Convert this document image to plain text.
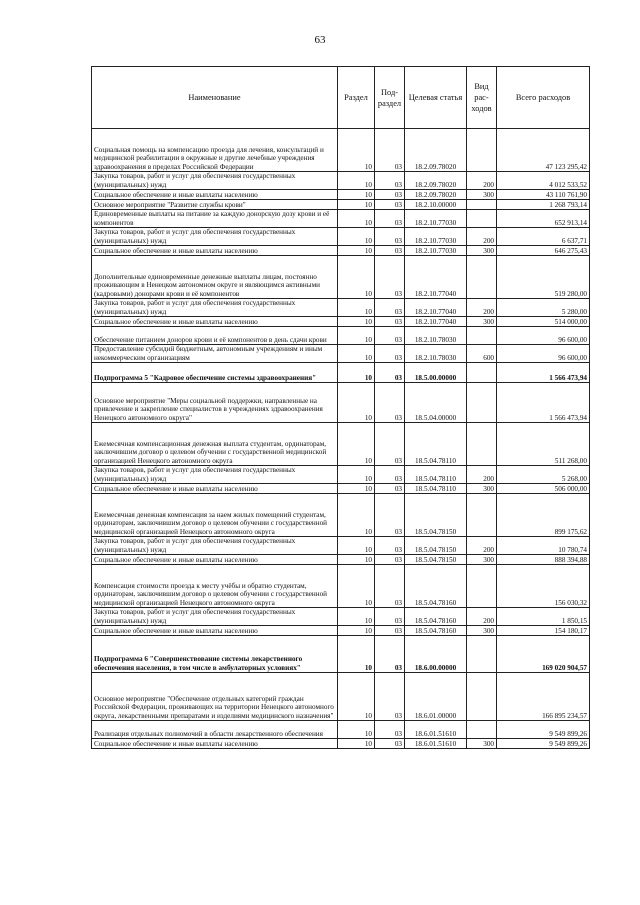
63
Наименование	Раздел	Под-раздел	Целевая статья	Вид рас-ходов	Всего расходов
Социальная помощь на компенсацию проезда для лечения, консультаций и медицинской реабилитации в окружные и другие лечебные учреждения здравоохранения в пределах Российской Федерации	10	03	18.2.09.78020		47 123 295,42
Закупка товаров, работ и услуг для обеспечения государственных (муниципальных) нужд	10	03	18.2.09.78020	200	4 012 533,52
Социальное обеспечение и иные выплаты населению	10	03	18.2.09.78020	300	43 110 761,90
Основное мероприятие "Развитие службы крови"	10	03	18.2.10.00000		1 268 793,14
Единовременные выплаты на питание за каждую донорскую дозу крови и её компонентов	10	03	18.2.10.77030		652 913,14
Закупка товаров, работ и услуг для обеспечения государственных (муниципальных) нужд	10	03	18.2.10.77030	200	6 637,71
Социальное обеспечение и иные выплаты населению	10	03	18.2.10.77030	300	646 275,43
Дополнительные единовременные денежные выплаты лицам, постоянно проживающим в Ненецком автономном округе и являющимся активными (кадровыми) донорами крови и её компонентов	10	03	18.2.10.77040		519 280,00
Закупка товаров, работ и услуг для обеспечения государственных (муниципальных) нужд	10	03	18.2.10.77040	200	5 280,00
Социальное обеспечение и иные выплаты населению	10	03	18.2.10.77040	300	514 000,00
Обеспечение питанием доноров крови и её компонентов в день сдачи крови	10	03	18.2.10.78030		96 600,00
Предоставление субсидий бюджетным, автономным учреждениям и иным некоммерческим организациям	10	03	18.2.10.78030	600	96 600,00
Подпрограмма 5 "Кадровое обеспечение системы здравоохранения"	10	03	18.5.00.00000		1 566 473,94
Основное мероприятие "Меры социальной поддержки, направленные на привлечение и закрепление специалистов в учреждениях здравоохранения Ненецкого автономного округа"	10	03	18.5.04.00000		1 566 473,94
Ежемесячная компенсационная денежная выплата студентам, ординаторам, заключившим договор о целевом обучении с государственной медицинской организацией Ненецкого автономного округа	10	03	18.5.04.78110		511 268,00
Закупка товаров, работ и услуг для обеспечения государственных (муниципальных) нужд	10	03	18.5.04.78110	200	5 268,00
Социальное обеспечение и иные выплаты населению	10	03	18.5.04.78110	300	506 000,00
Ежемесячная денежная компенсация за наем жилых помещений студентам, ординаторам, заключившим договор о целевом обучении с государственной медицинской организацией Ненецкого автономного округа	10	03	18.5.04.78150		899 175,62
Закупка товаров, работ и услуг для обеспечения государственных (муниципальных) нужд	10	03	18.5.04.78150	200	10 780,74
Социальное обеспечение и иные выплаты населению	10	03	18.5.04.78150	300	888 394,88
Компенсация стоимости проезда к месту учёбы и обратно студентам, ординаторам, заключившим договор о целевом обучении с государственной медицинской организацией Ненецкого автономного округа	10	03	18.5.04.78160		156 030,32
Закупка товаров, работ и услуг для обеспечения государственных (муниципальных) нужд	10	03	18.5.04.78160	200	1 850,15
Социальное обеспечение и иные выплаты населению	10	03	18.5.04.78160	300	154 180,17
Подпрограмма 6 "Совершенствование системы лекарственного обеспечения населения, в том числе в амбулаторных условиях"	10	03	18.6.00.00000		169 020 904,57
Основное мероприятие "Обеспечение отдельных категорий граждан Российской Федерации, проживающих на территории Ненецкого автономного округа, лекарственными препаратами и изделиями медицинского назначения"	10	03	18.6.01.00000		166 895 234,57
Реализация отдельных полномочий в области лекарственного обеспечения	10	03	18.6.01.51610		9 549 899,26
Социальное обеспечение и иные выплаты населению	10	03	18.6.01.51610	300	9 549 899,26
